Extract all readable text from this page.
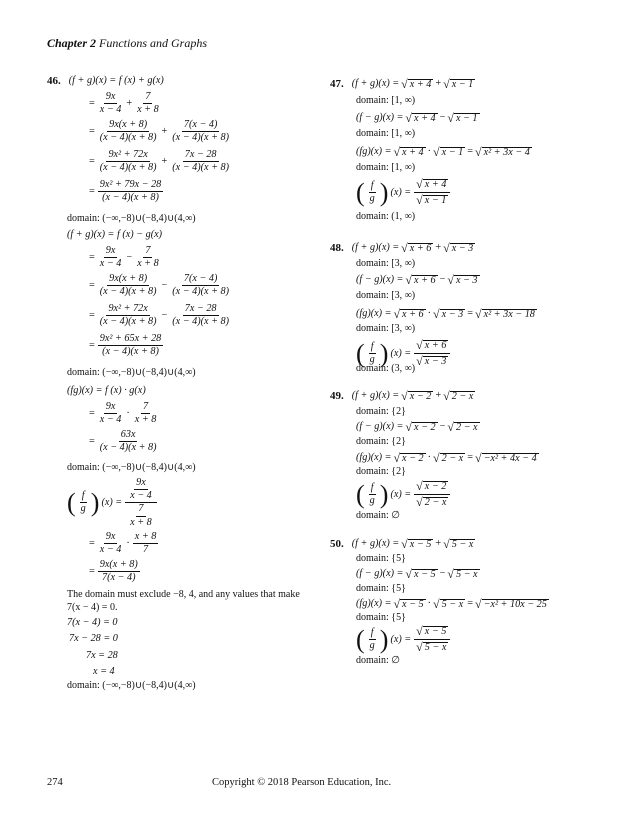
Chapter 2 Functions and Graphs
46. (f + g)(x) = f (x) + g(x)
= $\frac{9x}{x - 4} + \frac{7}{x + 8}$
= $\frac{9x(x + 8)}{(x - 4)(x + 8)} + \frac{7(x - 4)}{(x - 4)(x + 8)}$
= $\frac{\text{9x² + 72x}}{(x - 4)(x + 8)} + \frac{7x - 28}{(x - 4)(x + 8)}$
= $\frac{\text{9x² + 79x − 28}}{(x - 4)(x + 8)}$
domain: (−∞,−8)∪(−8,4)∪(4,∞)
(f + g)(x) = f (x) − g(x)
= $\frac{9x}{x - 4} - \frac{7}{x + 8}$
= $\frac{9x(x + 8)}{(x - 4)(x + 8)} - \frac{7(x - 4)}{(x - 4)(x + 8)}$
= $\frac{\text{9x² + 72x}}{(x - 4)(x + 8)} - \frac{7x - 28}{(x - 4)(x + 8)}$
= $\frac{\text{9x² + 65x + 28}}{(x - 4)(x + 8)}$
domain: (−∞,−8)∪(−8,4)∪(4,∞)
(fg)(x) = f (x) · g(x)
= $\frac{9x}{x - 4} \cdot \frac{7}{x + 8}$
= $\frac{63x}{(x - 4)(x + 8)}$
domain: (−∞,−8)∪(−8,4)∪(4,∞)
( $\frac{f}{g}$ ) $(x) = \frac{\frac{9x}{x - 4}}{\frac{7}{x + 8}}$
= $\frac{9x}{x - 4} \cdot \frac{x + 8}{7}$
= $\frac{9x(x + 8)}{7(x - 4)}$
The domain must exclude −8, 4, and any values that make 7(x − 4) = 0.
7(x − 4) = 0
7x − 28 = 0
7x = 28
x = 4
domain: (−∞,−8)∪(−8,4)∪(4,∞)
47. (f + g)(x) = √ x + 4 + √ x − 1
domain: [1, ∞)
(f − g)(x) = √ x + 4 − √ x − 1
domain: [1, ∞)
(fg)(x) = √ x + 4 · √ x − 1 = √ x² + 3x − 4
domain: [1, ∞)
( $\frac{f}{g}$ ) $(x) = \frac{√ x + 4}{√ x - 1}$
domain: (1, ∞)
48. (f + g)(x) = √ x + 6 + √ x − 3
domain: [3, ∞)
(f − g)(x) = √ x + 6 − √ x − 3
domain: [3, ∞)
(fg)(x) = √ x + 6 · √ x − 3 = √ x² + 3x − 18
domain: [3, ∞)
( $\frac{f}{g}$ ) $(x) = \frac{√ x + 6}{√ x - 3}$
domain: (3, ∞)
49. (f + g)(x) = √ x − 2 + √ 2 − x
domain: {2}
(f − g)(x) = √ x − 2 − √ 2 − x
domain: {2}
(fg)(x) = √ x − 2 · √ 2 − x = √ −x² + 4x − 4
domain: {2}
( $\frac{f}{g}$ ) $(x) = \frac{√ x - 2}{√ 2 - x}$
domain: ∅
50. (f + g)(x) = √ x − 5 + √ 5 − x
domain: {5}
(f − g)(x) = √ x − 5 − √ 5 − x
domain: {5}
(fg)(x) = √ x − 5 · √ 5 − x = √ −x² + 10x − 25
domain: {5}
( $\frac{f}{g}$ ) $(x) = \frac{√ x - 5}{√ 5 - x}$
domain: ∅
274	Copyright © 2018 Pearson Education, Inc.
